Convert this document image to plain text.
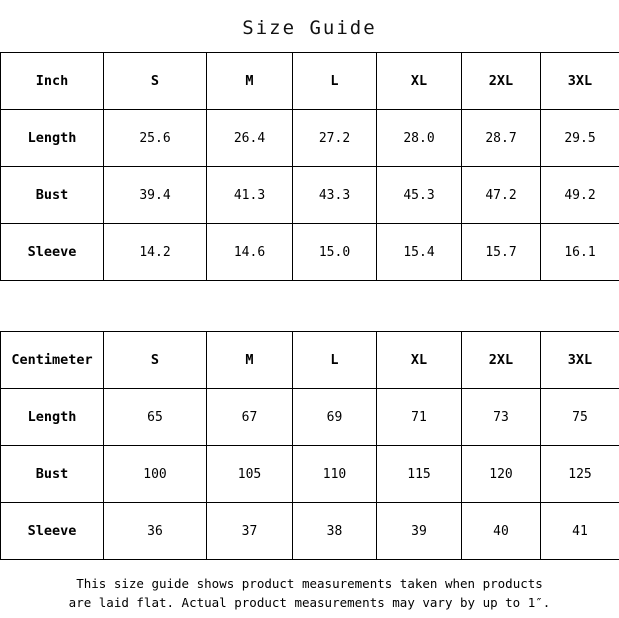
Size Guide
Inch	S	M	L	XL	2XL	3XL
Length	25.6	26.4	27.2	28.0	28.7	29.5
Bust	39.4	41.3	43.3	45.3	47.2	49.2
Sleeve	14.2	14.6	15.0	15.4	15.7	16.1
Centimeter	S	M	L	XL	2XL	3XL
Length	65	67	69	71	73	75
Bust	100	105	110	115	120	125
Sleeve	36	37	38	39	40	41
This size guide shows product measurements taken when products
are laid flat. Actual product measurements may vary by up to 1″.
